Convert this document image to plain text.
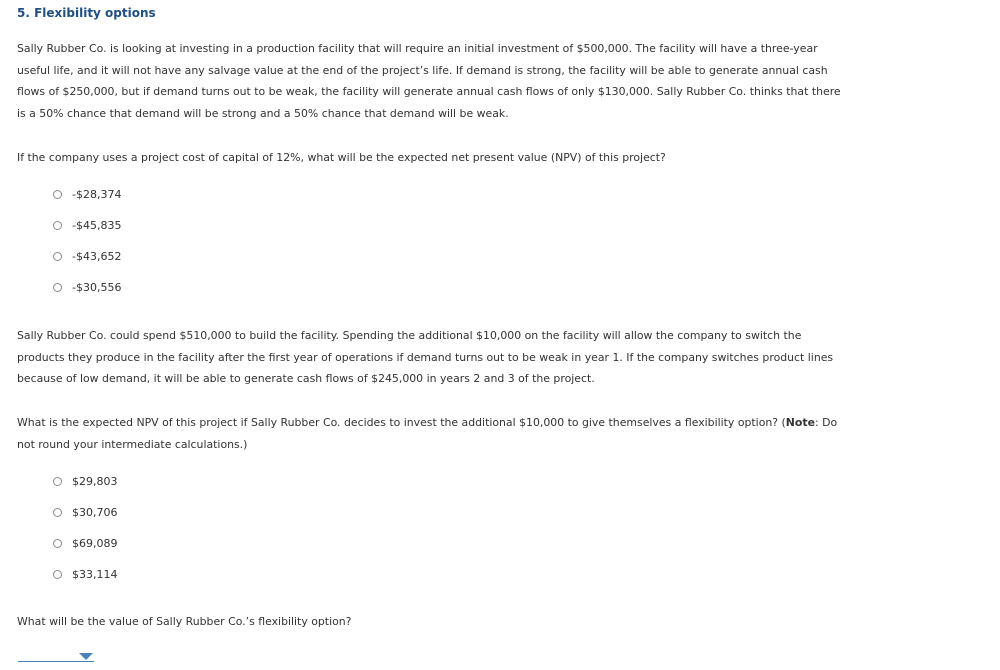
5. Flexibility options
Sally Rubber Co. is looking at investing in a production facility that will require an initial investment of $500,000. The facility will have a three-year useful life, and it will not have any salvage value at the end of the project’s life. If demand is strong, the facility will be able to generate annual cash flows of $250,000, but if demand turns out to be weak, the facility will generate annual cash flows of only $130,000. Sally Rubber Co. thinks that there is a 50% chance that demand will be strong and a 50% chance that demand will be weak.
If the company uses a project cost of capital of 12%, what will be the expected net present value (NPV) of this project?
-$28,374
-$45,835
-$43,652
-$30,556
Sally Rubber Co. could spend $510,000 to build the facility. Spending the additional $10,000 on the facility will allow the company to switch the products they produce in the facility after the first year of operations if demand turns out to be weak in year 1. If the company switches product lines because of low demand, it will be able to generate cash flows of $245,000 in years 2 and 3 of the project.
What is the expected NPV of this project if Sally Rubber Co. decides to invest the additional $10,000 to give themselves a flexibility option? (Note: Do not round your intermediate calculations.)
$29,803
$30,706
$69,089
$33,114
What will be the value of Sally Rubber Co.’s flexibility option?
